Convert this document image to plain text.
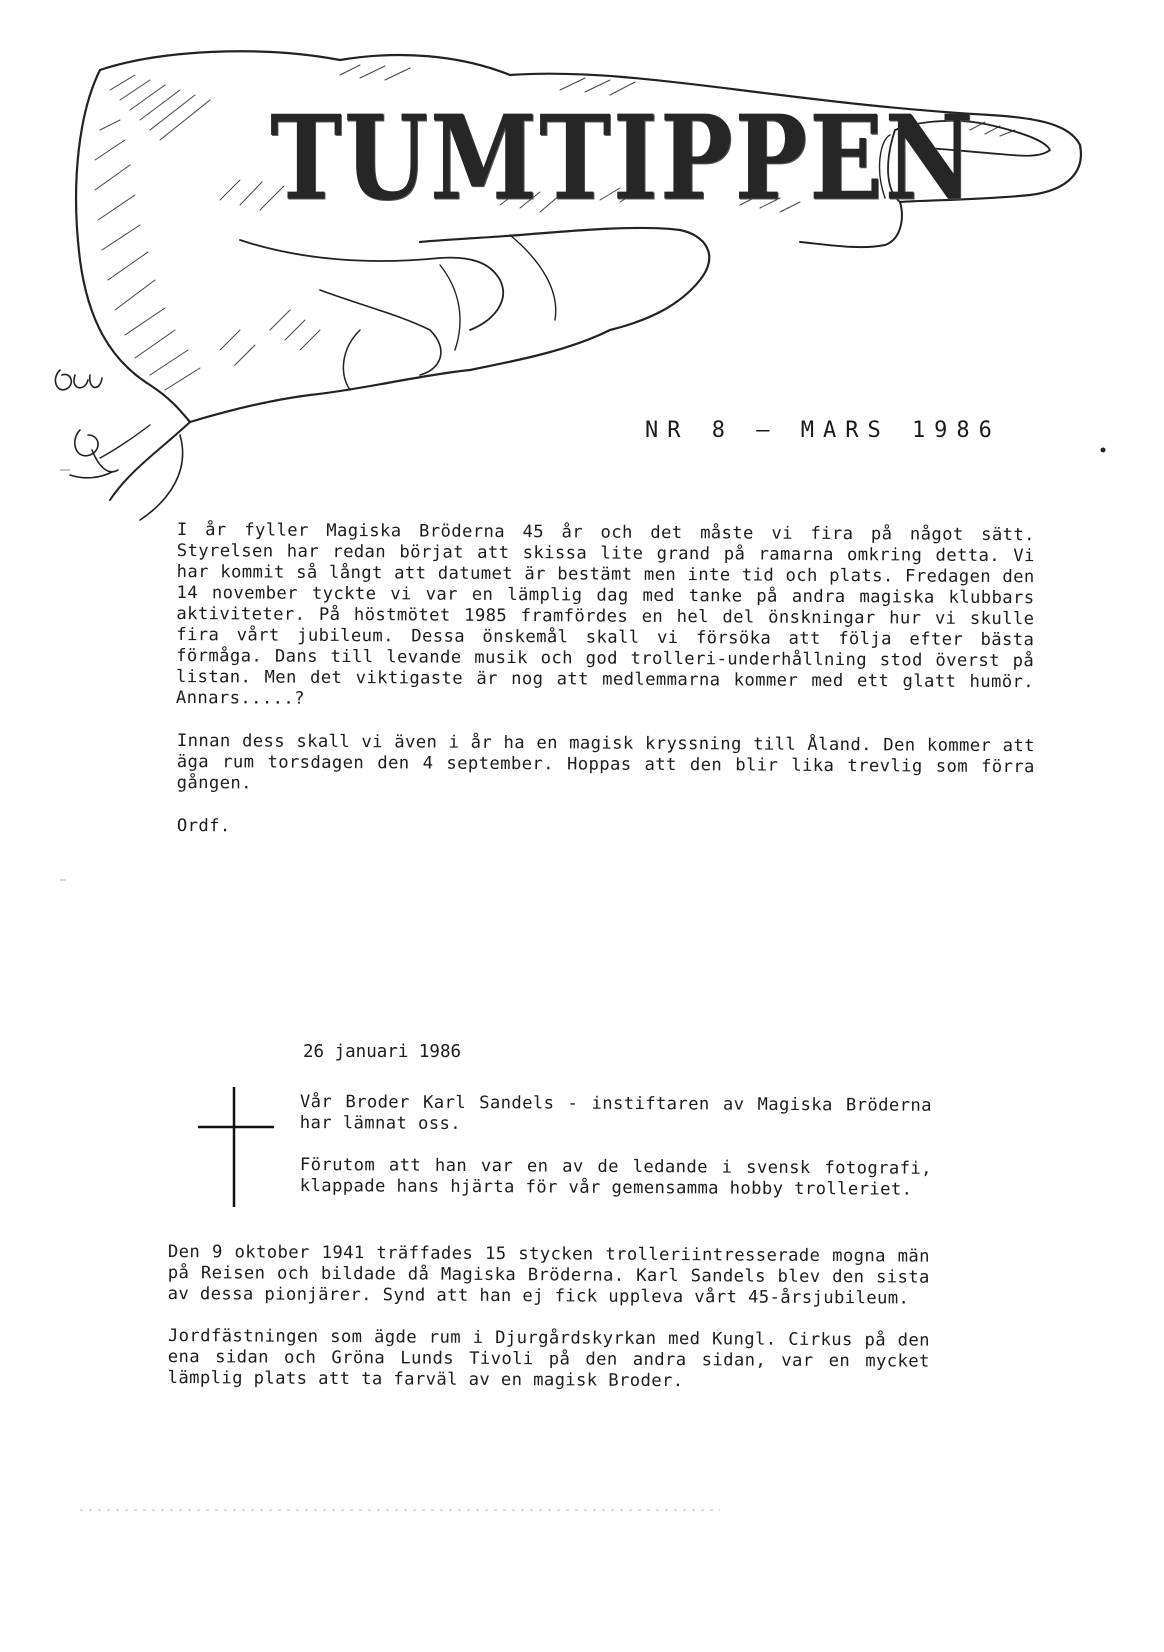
TUMTIPPEN
NR 8 — MARS 1986

I år fyller Magiska Bröderna 45 år och det måste vi fira på något sätt. Styrelsen har redan börjat att skissa lite grand på ramarna omkring detta. Vi har kommit så långt att datumet är bestämt men inte tid och plats. Fredagen den 14 november tyckte vi var en lämplig dag med tanke på andra magiska klubbars aktiviteter. På höstmötet 1985 framfördes en hel del önskningar hur vi skulle fira vårt jubileum. Dessa önskemål skall vi försöka att följa efter bästa förmåga. Dans till levande musik och god trolleri-underhållning stod överst på listan. Men det viktigaste är nog att medlemmarna kommer med ett glatt humör. Annars.....?

Innan dess skall vi även i år ha en magisk kryssning till Åland. Den kommer att äga rum torsdagen den 4 september. Hoppas att den blir lika trevlig som förra gången.

Ordf.

26 januari 1986

Vår Broder Karl Sandels - instiftaren av Magiska Bröderna har lämnat oss.

Förutom att han var en av de ledande i svensk fotografi, klappade hans hjärta för vår gemensamma hobby trolleriet.

Den 9 oktober 1941 träffades 15 stycken trolleriintresserade mogna män på Reisen och bildade då Magiska Bröderna. Karl Sandels blev den sista av dessa pionjärer. Synd att han ej fick uppleva vårt 45-årsjubileum.

Jordfästningen som ägde rum i Djurgårdskyrkan med Kungl. Cirkus på den ena sidan och Gröna Lunds Tivoli på den andra sidan, var en mycket lämplig plats att ta farväl av en magisk Broder.
